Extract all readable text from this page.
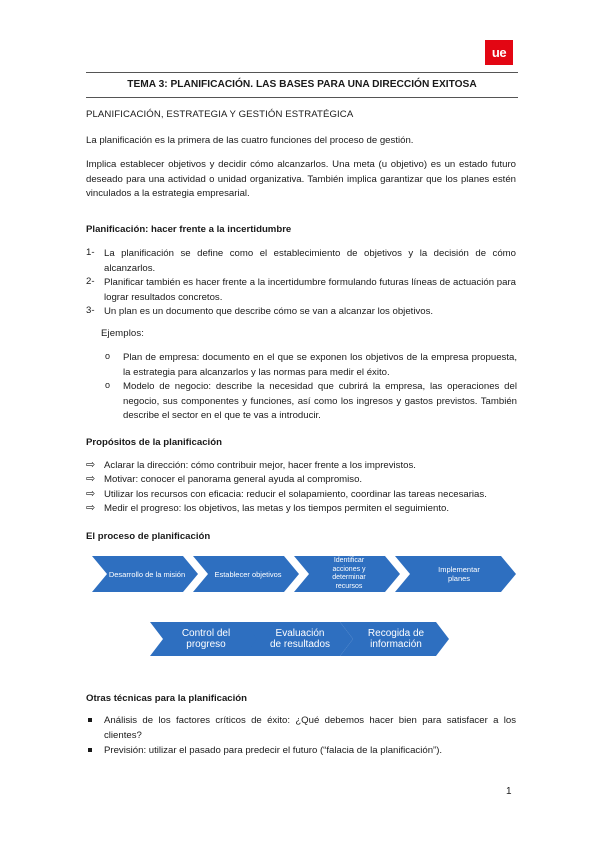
ue
TEMA 3: PLANIFICACIÓN. LAS BASES PARA UNA DIRECCIÓN EXITOSA
PLANIFICACIÓN, ESTRATEGIA Y GESTIÓN ESTRATÉGICA
La planificación es la primera de las cuatro funciones del proceso de gestión.
Implica establecer objetivos y decidir cómo alcanzarlos. Una meta (u objetivo) es un estado futuro deseado para una actividad o unidad organizativa. También implica garantizar que los planes estén vinculados a la estrategia empresarial.
Planificación: hacer frente a la incertidumbre
1- La planificación se define como el establecimiento de objetivos y la decisión de cómo alcanzarlos.
2- Planificar también es hacer frente a la incertidumbre formulando futuras líneas de actuación para lograr resultados concretos.
3- Un plan es un documento que describe cómo se van a alcanzar los objetivos.
Ejemplos:
o Plan de empresa: documento en el que se exponen los objetivos de la empresa propuesta, la estrategia para alcanzarlos y las normas para medir el éxito.
o Modelo de negocio: describe la necesidad que cubrirá la empresa, las operaciones del negocio, sus componentes y funciones, así como los ingresos y gastos previstos. También describe el sector en el que te vas a introducir.
Propósitos de la planificación
⇨ Aclarar la dirección: cómo contribuir mejor, hacer frente a los imprevistos.
⇨ Motivar: conocer el panorama general ayuda al compromiso.
⇨ Utilizar los recursos con eficacia: reducir el solapamiento, coordinar las tareas necesarias.
⇨ Medir el progreso: los objetivos, las metas y los tiempos permiten el seguimiento.
El proceso de planificación
Desarrollo de la misión	Establecer objetivos
Identificar acciones y determinar recursos
Implementar planes
Control del progreso
Evaluación de resultados
Recogida de información
Otras técnicas para la planificación
Análisis de los factores críticos de éxito: ¿Qué debemos hacer bien para satisfacer a los clientes?
Previsión: utilizar el pasado para predecir el futuro (“falacia de la planificación”).
1
